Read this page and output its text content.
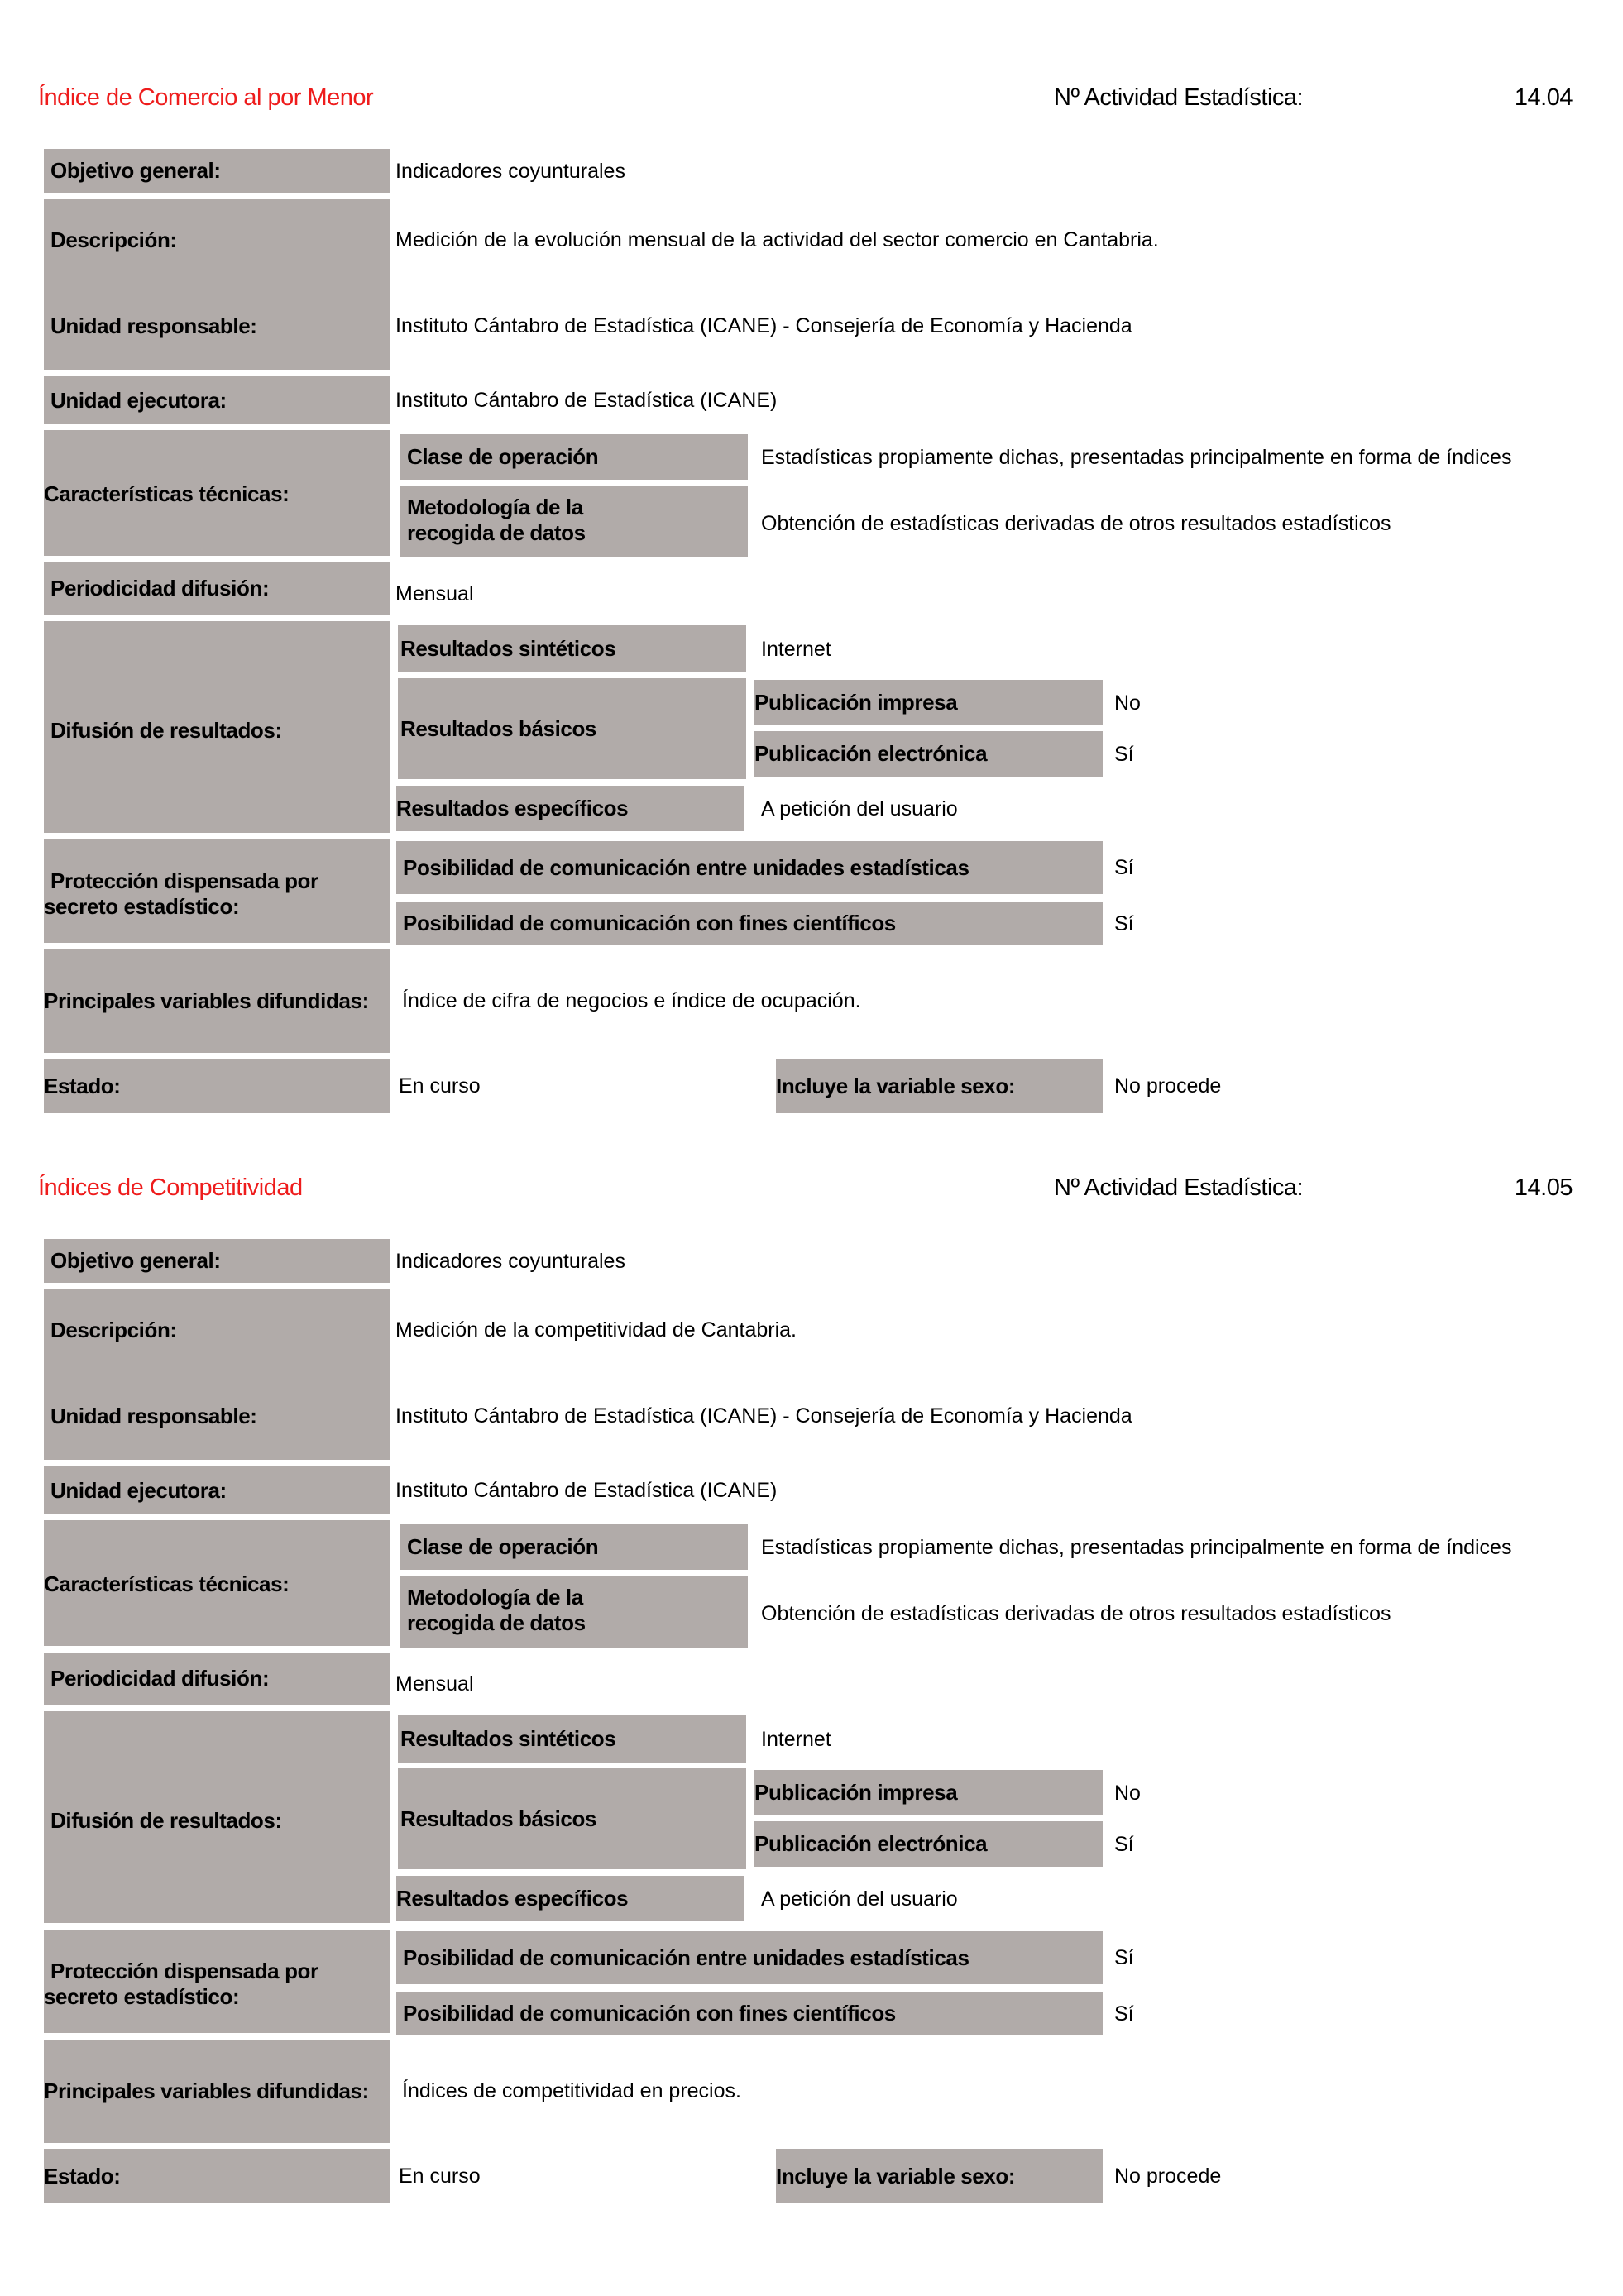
Índice de Comercio al por Menor	Nº Actividad Estadística:	14.04
Objetivo general:	Indicadores coyunturales
Descripción:	Medición de la evolución mensual de la actividad del sector comercio en Cantabria.
Unidad responsable:	Instituto Cántabro de Estadística (ICANE) - Consejería de Economía y Hacienda
Unidad ejecutora:	Instituto Cántabro de Estadística (ICANE)
Características técnicas:
Clase de operación	Estadísticas propiamente dichas, presentadas principalmente en forma de índices
Metodología de la
recogida de datos	Obtención de estadísticas derivadas de otros resultados estadísticos
Periodicidad difusión:	Mensual
Difusión de resultados:
Resultados sintéticos	Internet
Resultados básicos
Publicación impresa	No
Publicación electrónica	Sí
Resultados específicos	A petición del usuario
Protección dispensada por
secreto estadístico:
Posibilidad de comunicación entre unidades estadísticas	Sí
Posibilidad de comunicación con fines científicos	Sí
Principales variables difundidas: Índice de cifra de negocios e índice de ocupación.
Estado:	En curso	Incluye la variable sexo:	No procede
Índices de Competitividad	Nº Actividad Estadística:	14.05
Objetivo general:	Indicadores coyunturales
Descripción:	Medición de la competitividad de Cantabria.
Unidad responsable:	Instituto Cántabro de Estadística (ICANE) - Consejería de Economía y Hacienda
Unidad ejecutora:	Instituto Cántabro de Estadística (ICANE)
Características técnicas:
Clase de operación	Estadísticas propiamente dichas, presentadas principalmente en forma de índices
Metodología de la
recogida de datos	Obtención de estadísticas derivadas de otros resultados estadísticos
Periodicidad difusión:	Mensual
Difusión de resultados:
Resultados sintéticos	Internet
Resultados básicos
Publicación impresa	No
Publicación electrónica	Sí
Resultados específicos	A petición del usuario
Protección dispensada por
secreto estadístico:
Posibilidad de comunicación entre unidades estadísticas	Sí
Posibilidad de comunicación con fines científicos	Sí
Principales variables difundidas: Índices de competitividad en precios.
Estado:	En curso	Incluye la variable sexo:	No procede
